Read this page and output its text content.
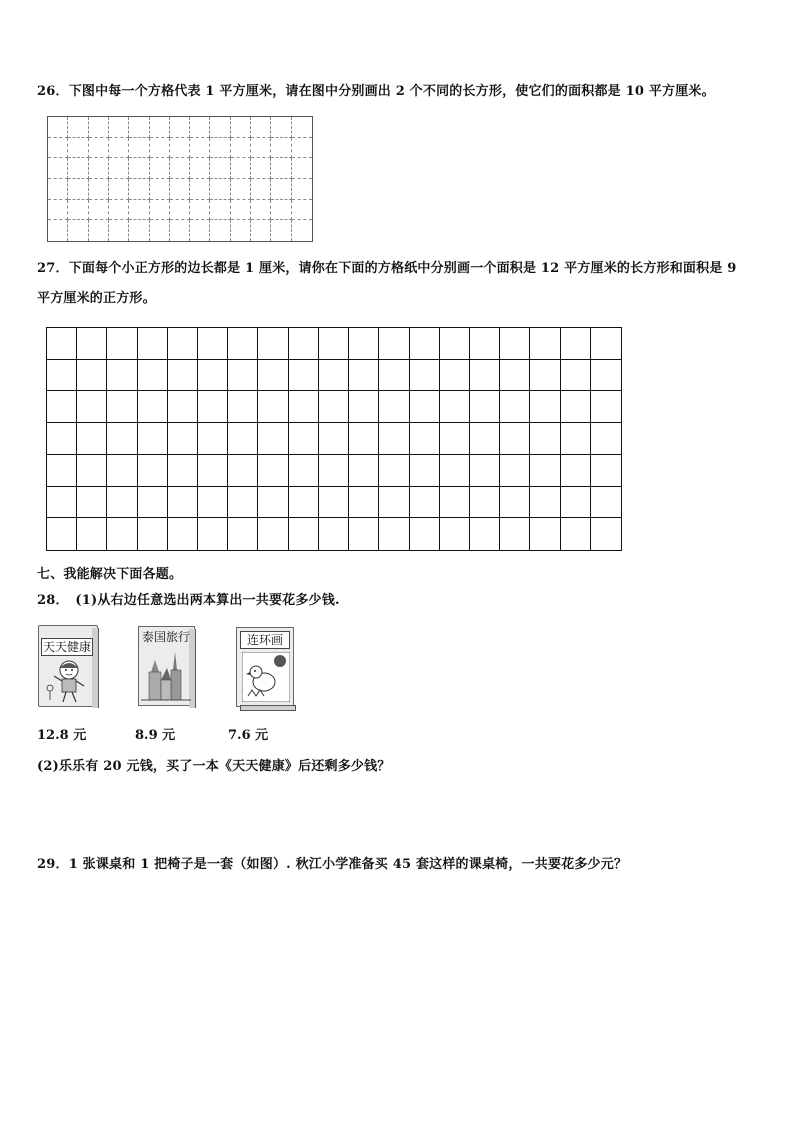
26．下图中每一个方格代表 1 平方厘米，请在图中分别画出 2 个不同的长方形，使它们的面积都是 10 平方厘米。
27．下面每个小正方形的边长都是 1 厘米，请你在下面的方格纸中分别画一个面积是 12 平方厘米的长方形和面积是 9
平方厘米的正方形。
七、我能解决下面各题。
28．　(1)从右边任意选出两本算出一共要花多少钱.
天天健康
泰国旅行	连环画
12.8 元	8.9 元	7.6 元
(2)乐乐有 20 元钱，买了一本《天天健康》后还剩多少钱？
29．1 张课桌和 1 把椅子是一套（如图）. 秋江小学准备买 45 套这样的课桌椅，一共要花多少元？
